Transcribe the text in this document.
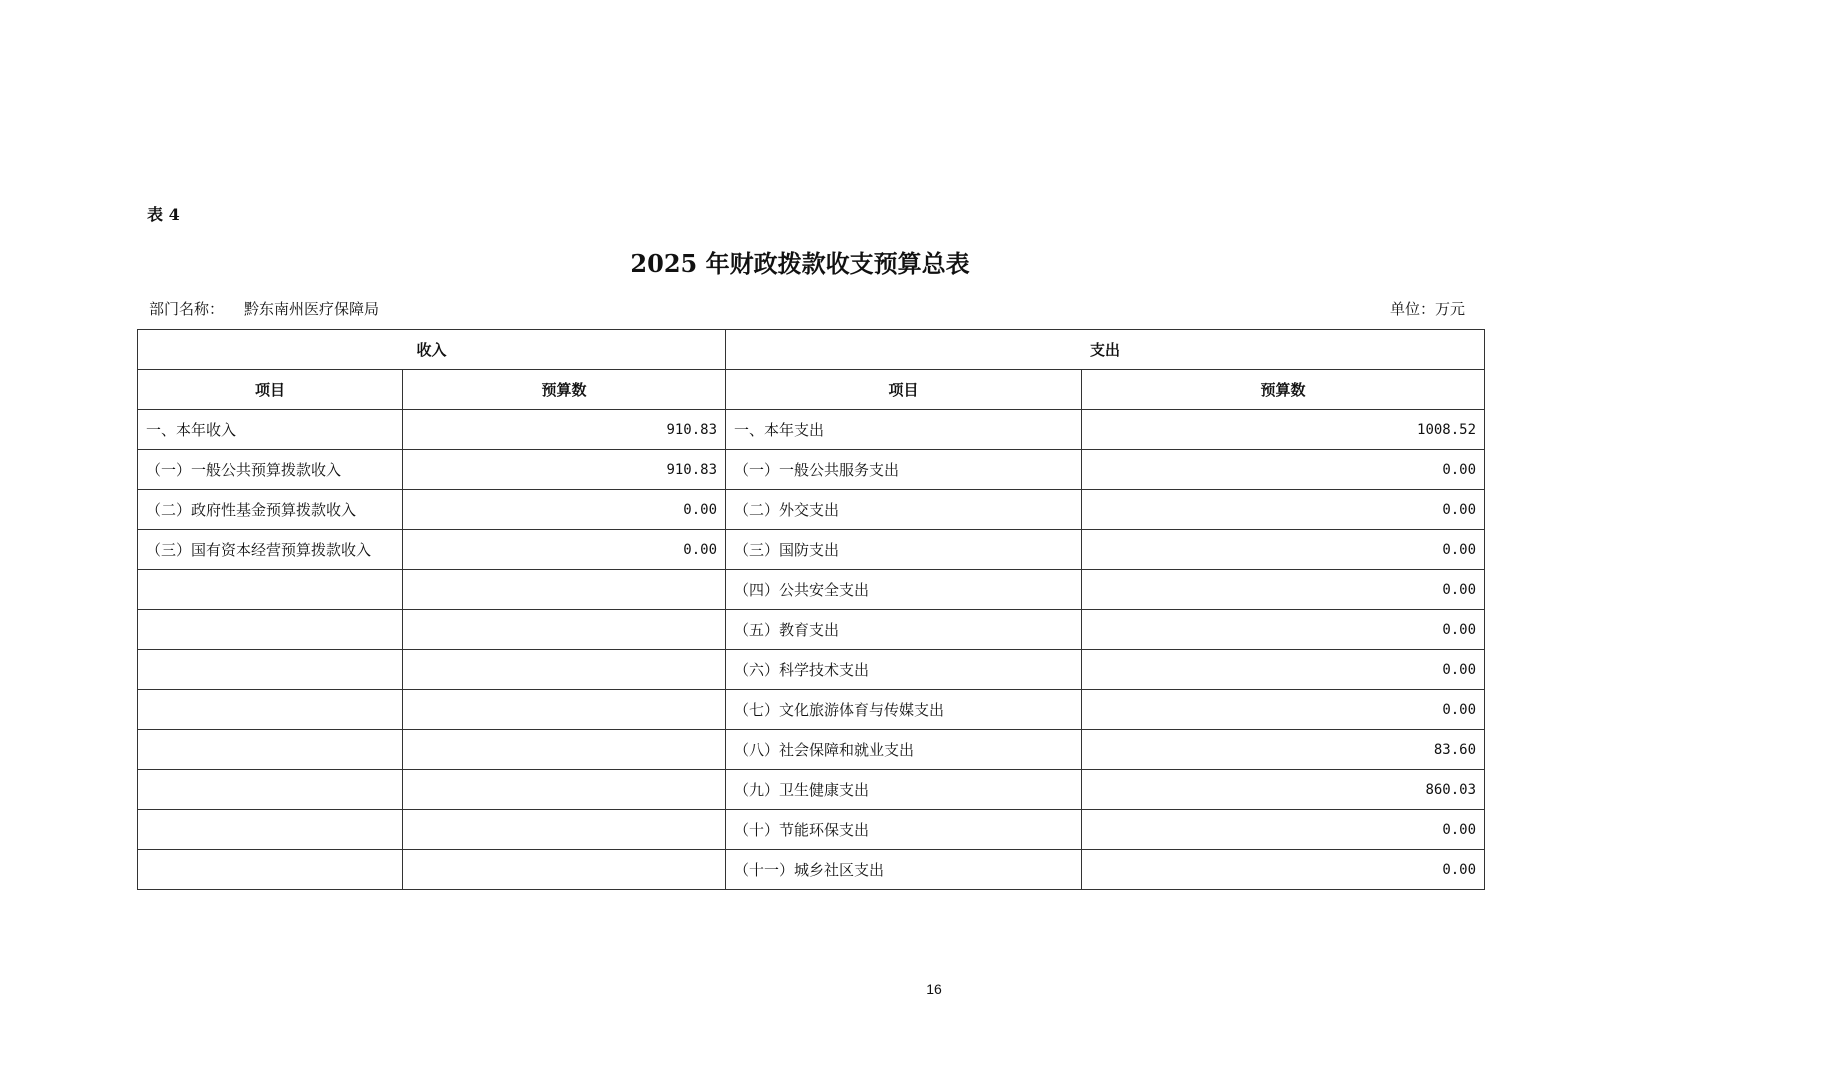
表 4
2025 年财政拨款收支预算总表
部门名称： 黔东南州医疗保障局	单位：万元
收入		支出	
项目	预算数	项目	预算数
一、本年收入	910.83	一、本年支出	1008.52
（一）一般公共预算拨款收入	910.83	（一）一般公共服务支出	0.00
（二）政府性基金预算拨款收入	0.00	（二）外交支出	0.00
（三）国有资本经营预算拨款收入	0.00	（三）国防支出	0.00
		（四）公共安全支出	0.00
		（五）教育支出	0.00
		（六）科学技术支出	0.00
		（七）文化旅游体育与传媒支出	0.00
		（八）社会保障和就业支出	83.60
		（九）卫生健康支出	860.03
		（十）节能环保支出	0.00
		（十一）城乡社区支出	0.00
16
